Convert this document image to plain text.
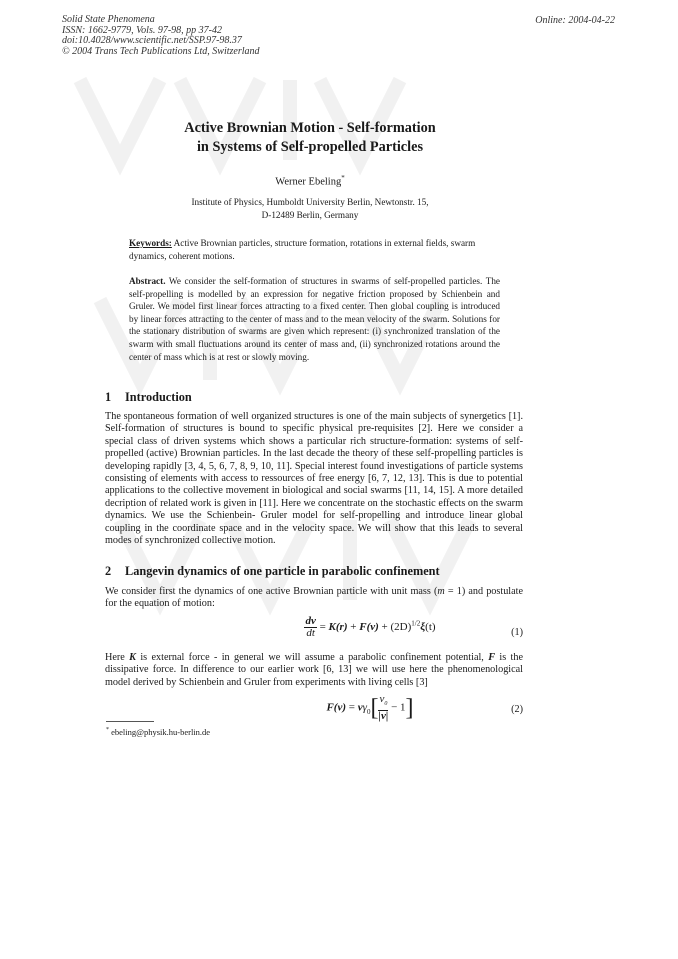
Solid State Phenomena
ISSN: 1662-9779, Vols. 97-98, pp 37-42
doi:10.4028/www.scientific.net/SSP.97-98.37
© 2004 Trans Tech Publications Ltd, Switzerland
Online: 2004-04-22
Active Brownian Motion - Self-formation
in Systems of Self-propelled Particles
Werner Ebeling*
Institute of Physics, Humboldt University Berlin, Newtonstr. 15,
D-12489 Berlin, Germany
Keywords: Active Brownian particles, structure formation, rotations in external fields, swarm dynamics, coherent motions.
Abstract. We consider the self-formation of structures in swarms of self-propelled particles. The self-propelling is modelled by an expression for negative friction proposed by Schienbein and Gruler. We model first linear forces attracting to a fixed center. Then global coupling is introduced by linear forces attracting to the center of mass and to the mean velocity of the swarm. Solutions for the stationary distribution of swarms are given which represent: (i) synchronized translation of the swarm with small fluctuations around its center of mass and, (ii) synchronized rotations around the center of mass which is at rest or slowly moving.
1 Introduction
The spontaneous formation of well organized structures is one of the main subjects of synergetics [1]. Self-formation of structures is bound to specific physical pre-requisites [2]. Here we consider a special class of driven systems which shows a particular rich structure-formation: systems of self-propelled (active) Brownian particles. In the last decade the theory of these self-propelling particles is developing rapidly [3, 4, 5, 6, 7, 8, 9, 10, 11]. Special interest found investigations of particle systems consisting of elements with access to ressources of free energy [6, 7, 12, 13]. This is due to potential applications to the collective movement in biological and social swarms [11, 14, 15]. A more detailed decription of related work is given in [11]. Here we concentrate on the stochastic effects on the swarm dynamics. We use the Schienbein- Gruler model for self-propelling and introduce linear global coupling in the coordinate space and in the velocity space. We will show that this leads to several modes of synchronized collective motion.
2 Langevin dynamics of one particle in parabolic confinement
We consider first the dynamics of one active Brownian particle with unit mass (m = 1) and postulate for the equation of motion:
$\frac{dv}{dt} = K(r) + F(v) + (2D)^{1/2}\xi(t)$	(1)
Here K is external force - in general we will assume a parabolic confinement potential, F is the dissipative force. In difference to our earlier work [6, 13] we will use here the phenomenological model derived by Schienbein and Gruler from experiments with living cells [3]
$F(v) = v\gamma_0[ \frac{v_0}{|v|} - 1]$	(2)
* ebeling@physik.hu-berlin.de
